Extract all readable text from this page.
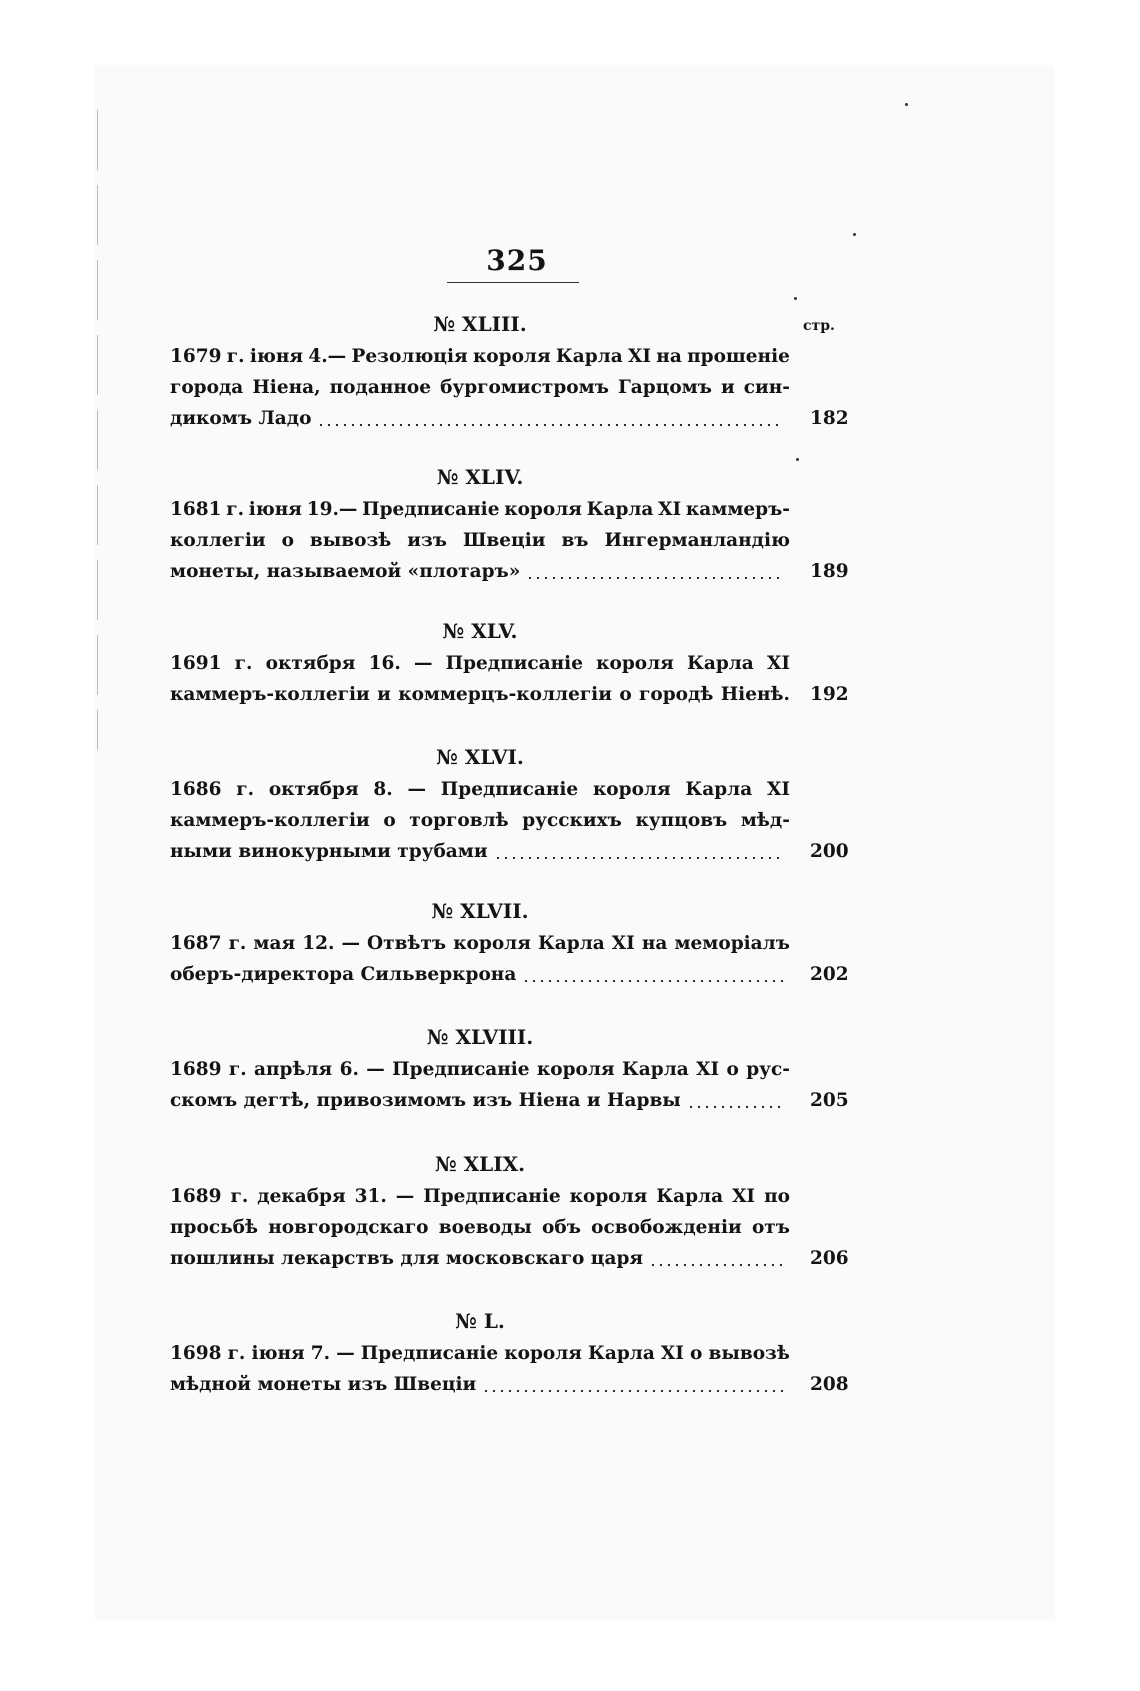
325
стр.
№ XLIII.
1679 г. іюня 4.— Резолюція короля Карла XI на прошеніе
города Ніена, поданное бургомистромъ Гарцомъ и син-
дикомъ Ладо	182
№ XLIV.
1681 г. іюня 19.— Предписаніе короля Карла XI каммеръ-
коллегіи о вывозѣ изъ Швеціи въ Ингерманландію
монеты, называемой «плотаръ»	189
№ XLV.
1691 г. октября 16. — Предписаніе короля Карла XI
каммеръ-коллегіи и коммерцъ-коллегіи о городѣ Ніенѣ. 192
№ XLVI.
1686 г. октября 8. — Предписаніе короля Карла XI
каммеръ-коллегіи о торговлѣ русскихъ купцовъ мѣд-
ными винокурными трубами	200
№ XLVII.
1687 г. мая 12. — Отвѣтъ короля Карла XI на меморіалъ
оберъ-директора Сильверкрона	202
№ XLVIII.
1689 г. апрѣля 6. — Предписаніе короля Карла XI о рус-
скомъ дегтѣ, привозимомъ изъ Ніена и Нарвы	205
№ XLIX.
1689 г. декабря 31. — Предписаніе короля Карла XI по
просьбѣ новгородскаго воеводы объ освобожденіи отъ
пошлины лекарствъ для московскаго царя	206
№ L.
1698 г. іюня 7. — Предписаніе короля Карла XI о вывозѣ
мѣдной монеты изъ Швеціи	208
